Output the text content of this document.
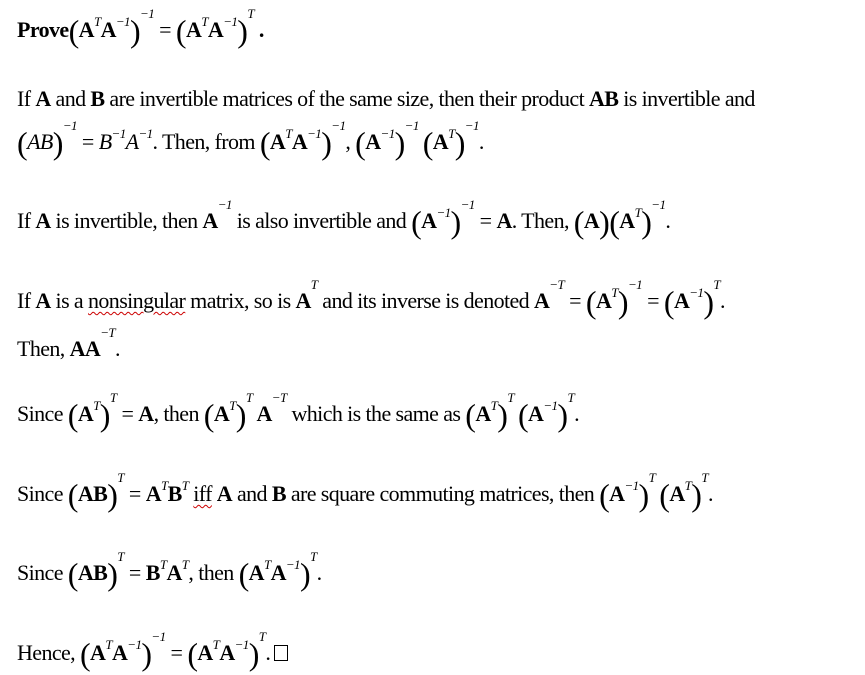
$Prove(A^TA^{-1})^{-1}= (A^TA^{-1})^T$ .
If A and B are invertible matrices of the same size, then their product AB is invertible and
$(AB)^{-1}= B^{-1}A^{-1}$. Then, from $(A^TA^{-1})^{-1}$, $(A^{-1})^{-1}$ $(A^T)^{-1}$.
If A is invertible, then $A^{-1}$ is also invertible and $(A^{-1})^{-1}= A$. Then, $(A)(A^T)^{-1}$.
If A is a nonsingular matrix, so is $A^T$ and its inverse is denoted $A^{-T}= (A^T)^{-1}= (A^{-1})^T$.
Then, $AA^{-T}$.
Since $(A^T)^T= A$, then $(A^T)^TA^{-T}$ which is the same as $(A^T)^T$ $(A^{-1})^T$.
Since $(AB)^T= A^TB^T$ iff A and B are square commuting matrices, then $(A^{-1})^T$ $(A^T)^T$.
Since $(AB)^T= B^TA^T$, then $(A^TA^{-1})^T$.
Hence, $(A^TA^{-1})^{-1}= (A^TA^{-1})^T$.
